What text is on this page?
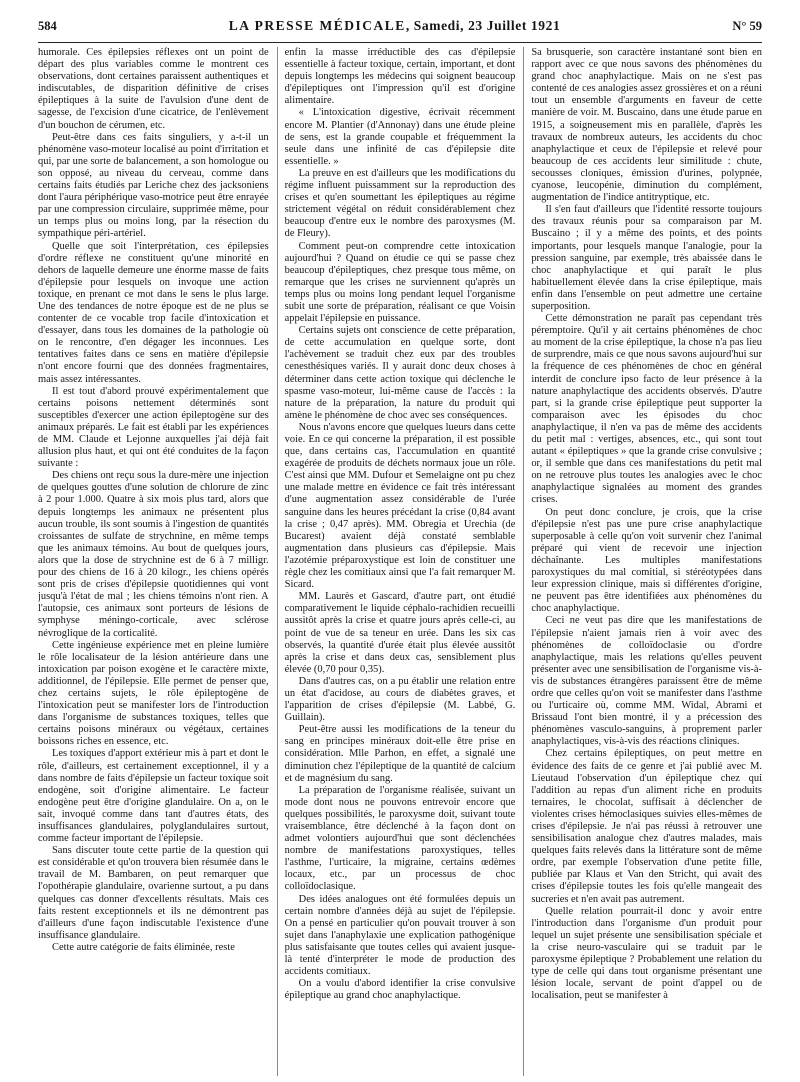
584	LA PRESSE MÉDICALE, Samedi, 23 Juillet 1921	N° 59

humorale. Ces épilepsies réflexes ont un point de départ des plus variables comme le montrent ces observations, dont certaines paraissent authentiques et indiscutables, de disparition définitive de crises épileptiques à la suite de l'avulsion d'une dent de sagesse, de l'excision d'une cicatrice, de l'enlèvement d'un bouchon de cérumen, etc.

Peut-être dans ces faits singuliers, y a-t-il un phénomène vaso-moteur localisé au point d'irritation et qui, par une sorte de balancement, a son homologue ou son opposé, au niveau du cerveau, comme dans certains faits étudiés par Leriche chez des jacksoniens dont l'aura périphérique vaso-motrice peut être enrayée par une compression circulaire, supprimée même, pour un temps plus ou moins long, par la résection du sympathique péri-artériel.

Quelle que soit l'interprétation, ces épilepsies d'ordre réflexe ne constituent qu'une minorité en dehors de laquelle demeure une énorme masse de faits d'épilepsie pour lesquels on invoque une action toxique, en prenant ce mot dans le sens le plus large. Une des tendances de notre époque est de ne plus se contenter de ce vocable trop facile d'intoxication et d'essayer, dans tous les domaines de la pathologie où on le rencontre, d'en dégager les inconnues. Les tentatives faites dans ce sens en matière d'épilepsie n'ont encore fourni que des données fragmentaires, mais assez intéressantes.

Il est tout d'abord prouvé expérimentalement que certains poisons nettement déterminés sont susceptibles d'exercer une action épileptogène sur des animaux préparés. Le fait est établi par les expériences de MM. Claude et Lejonne auxquelles j'ai déjà fait allusion plus haut, et qui ont été conduites de la façon suivante :

Des chiens ont reçu sous la dure-mère une injection de quelques gouttes d'une solution de chlorure de zinc à 2 pour 1.000. Quatre à six mois plus tard, alors que depuis longtemps les animaux ne présentent plus aucun trouble, ils sont soumis à l'ingestion de quantités croissantes de sulfate de strychnine, en même temps que les animaux témoins. Au bout de quelques jours, alors que la dose de strychnine est de 6 à 7 milligr. pour des chiens de 16 à 20 kilogr., les chiens opérés sont pris de crises d'épilepsie quotidiennes qui vont jusqu'à l'état de mal ; les chiens témoins n'ont rien. A l'autopsie, ces animaux sont porteurs de lésions de symphyse méningo-corticale, avec sclérose névroglique de la corticalité.

Cette ingénieuse expérience met en pleine lumière le rôle localisateur de la lésion antérieure dans une intoxication par poison exogène et le caractère mixte, additionnel, de l'épilepsie. Elle permet de penser que, chez certains sujets, le rôle épileptogène de l'intoxication peut se manifester lors de l'introduction dans l'organisme de substances toxiques, telles que certains poisons minéraux ou végétaux, certaines boissons riches en essence, etc.

Les toxiques d'apport extérieur mis à part et dont le rôle, d'ailleurs, est certainement exceptionnel, il y a dans nombre de faits d'épilepsie un facteur toxique soit endogène, soit d'origine alimentaire. Le facteur endogène peut être d'origine glandulaire. On a, on le sait, invoqué comme dans tant d'autres états, des insuffisances glandulaires, polyglandulaires surtout, comme facteur important de l'épilepsie.

Sans discuter toute cette partie de la question qui est considérable et qu'on trouvera bien résumée dans le travail de M. Bambaren, on peut remarquer que l'opothérapie glandulaire, ovarienne surtout, a pu dans quelques cas donner d'excellents résultats. Mais ces faits restent exceptionnels et ils ne démontrent pas d'ailleurs d'une façon indiscutable l'existence d'une insuffisance glandulaire.

Cette autre catégorie de faits éliminée, reste

enfin la masse irréductible des cas d'épilepsie essentielle à facteur toxique, certain, important, et dont depuis longtemps les médecins qui soignent beaucoup d'épileptiques ont l'impression qu'il est d'origine alimentaire.

« L'intoxication digestive, écrivait récemment encore M. Plantier (d'Annonay) dans une étude pleine de sens, est la grande coupable et fréquemment la seule dans une infinité de cas d'épilepsie dite essentielle. »

La preuve en est d'ailleurs que les modifications du régime influent puissamment sur la reproduction des crises et qu'en soumettant les épileptiques au régime strictement végétal on réduit considérablement chez beaucoup d'entre eux le nombre des paroxysmes (M. de Fleury).

Comment peut-on comprendre cette intoxication aujourd'hui ? Quand on étudie ce qui se passe chez beaucoup d'épileptiques, chez presque tous même, on remarque que les crises ne surviennent qu'après un temps plus ou moins long pendant lequel l'organisme subit une sorte de préparation, réalisant ce que Voisin appelait l'épilepsie en puissance.

Certains sujets ont conscience de cette préparation, de cette accumulation en quelque sorte, dont l'achèvement se traduit chez eux par des troubles cenesthésiques variés. Il y aurait donc deux choses à déterminer dans cette action toxique qui déclenche le spasme vaso-moteur, lui-même cause de l'accès : la nature de la préparation, la nature du produit qui amène le phénomène de choc avec ses conséquences.

Nous n'avons encore que quelques lueurs dans cette voie. En ce qui concerne la préparation, il est possible que, dans certains cas, l'accumulation en quantité exagérée de produits de déchets normaux joue un rôle. C'est ainsi que MM. Dufour et Semelaigne ont pu chez une malade mettre en évidence ce fait très intéressant d'une augmentation assez considérable de l'urée sanguine dans les heures précédant la crise (0,84 avant la crise ; 0,47 après). MM. Obregia et Urechia (de Bucarest) avaient déjà constaté semblable augmentation dans plusieurs cas d'épilepsie. Mais l'azotémie préparoxystique est loin de constituer une règle chez les comitiaux ainsi que l'a fait remarquer M. Sicard.

MM. Laurès et Gascard, d'autre part, ont étudié comparativement le liquide céphalo-rachidien recueilli aussitôt après la crise et quatre jours après celle-ci, au point de vue de sa teneur en urée. Dans les six cas observés, la quantité d'urée était plus élevée aussitôt après la crise et dans deux cas, sensiblement plus élevée (0,70 pour 0,35).

Dans d'autres cas, on a pu établir une relation entre un état d'acidose, au cours de diabètes graves, et l'apparition de crises d'épilepsie (M. Labbé, G. Guillain).

Peut-être aussi les modifications de la teneur du sang en principes minéraux doit-elle être prise en considération. Mlle Parhon, en effet, a signalé une diminution chez l'épileptique de la quantité de calcium et de magnésium du sang.

La préparation de l'organisme réalisée, suivant un mode dont nous ne pouvons entrevoir encore que quelques possibilités, le paroxysme doit, suivant toute vraisemblance, être déclenché à la façon dont on admet volontiers aujourd'hui que sont déclenchées nombre de manifestations paroxystiques, telles l'asthme, l'urticaire, la migraine, certains œdèmes locaux, etc., par un processus de choc colloïdoclasique.

Des idées analogues ont été formulées depuis un certain nombre d'années déjà au sujet de l'épilepsie. On a pensé en particulier qu'on pouvait trouver à son sujet dans l'anaphylaxie une explication pathogénique plus satisfaisante que toutes celles qui avaient jusque-là tenté d'interpréter le mode de production des accidents comitiaux.

On a voulu d'abord identifier la crise convulsive épileptique au grand choc anaphylactique.

Sa brusquerie, son caractère instantané sont bien en rapport avec ce que nous savons des phénomènes du grand choc anaphylactique. Mais on ne s'est pas contenté de ces analogies assez grossières et on a réuni tout un ensemble d'arguments en faveur de cette manière de voir. M. Buscaino, dans une étude parue en 1915, a soigneusement mis en parallèle, d'après les travaux de nombreux auteurs, les accidents du choc anaphylactique et ceux de l'épilepsie et relevé pour beaucoup de ces accidents leur similitude : chute, secousses cloniques, émission d'urines, polypnée, cyanose, leucopénie, diminution du complément, augmentation de l'indice antitryptique, etc.

Il s'en faut d'ailleurs que l'identité ressorte toujours des travaux réunis pour sa comparaison par M. Buscaino ; il y a même des points, et des points importants, pour lesquels manque l'analogie, pour la pression sanguine, par exemple, très abaissée dans le choc anaphylactique et qui paraît le plus habituellement élevée dans la crise épileptique, mais enfin dans l'ensemble on peut admettre une certaine superposition.

Cette démonstration ne paraît pas cependant très péremptoire. Qu'il y ait certains phénomènes de choc au moment de la crise épileptique, la chose n'a pas lieu de surprendre, mais ce que nous savons aujourd'hui sur la fréquence de ces phénomènes de choc en général interdit de conclure ipso facto de leur présence à la nature anaphylactique des accidents observés. D'autre part, si la grande crise épileptique peut supporter la comparaison avec les épisodes du choc anaphylactique, il n'en va pas de même des accidents du petit mal : vertiges, absences, etc., qui sont tout autant « épileptiques » que la grande crise convulsive ; or, il semble que dans ces manifestations du petit mal on ne retrouve plus toutes les analogies avec le choc anaphylactique signalées au moment des grandes crises.

On peut donc conclure, je crois, que la crise d'épilepsie n'est pas une pure crise anaphylactique superposable à celle qu'on voit survenir chez l'animal préparé qui vient de recevoir une injection déchaînante. Les multiples manifestations paroxystiques du mal comitial, si stéréotypées dans leur expression clinique, mais si différentes d'origine, ne peuvent pas être identifiées aux phénomènes du choc anaphylactique.

Ceci ne veut pas dire que les manifestations de l'épilepsie n'aient jamais rien à voir avec des phénomènes de colloïdoclasie ou d'ordre anaphylactique, mais les relations qu'elles peuvent présenter avec une sensibilisation de l'organisme vis-à-vis de substances étrangères paraissent être de même ordre que celles qu'on voit se manifester dans l'asthme ou l'urticaire où, comme MM. Widal, Abrami et Brissaud l'ont bien montré, il y a précession des phénomènes vasculo-sanguins, à proprement parler anaphylactiques, vis-à-vis des réactions cliniques.

Chez certains épileptiques, on peut mettre en évidence des faits de ce genre et j'ai publié avec M. Lieutaud l'observation d'un épileptique chez qui l'addition au repas d'un aliment riche en produits ternaires, le chocolat, suffisait à déclencher de violentes crises hémoclasiques suivies elles-mêmes de crises d'épilepsie. Je n'ai pas réussi à retrouver une sensibilisation analogue chez d'autres malades, mais quelques faits relevés dans la littérature sont de même ordre, par exemple l'observation d'une petite fille, publiée par Klaus et Van den Stricht, qui avait des crises d'épilepsie toutes les fois qu'elle mangeait des sucreries et n'en avait pas autrement.

Quelle relation pourrait-il donc y avoir entre l'introduction dans l'organisme d'un produit pour lequel un sujet présente une sensibilisation spéciale et la crise neuro-vasculaire qui se traduit par le paroxysme épileptique ? Probablement une relation du type de celle qui dans tout organisme présentant une lésion locale, servant de point d'appel ou de localisation, peut se manifester à
